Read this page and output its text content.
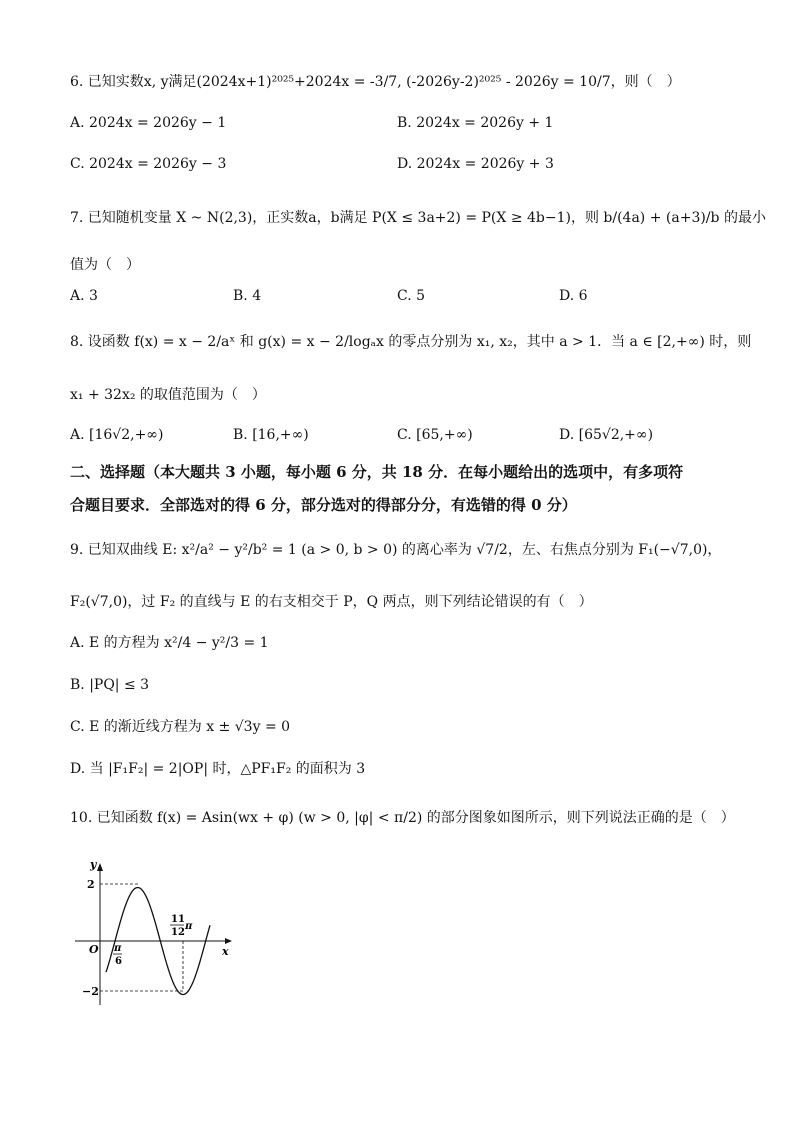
6. 已知实数x, y满足(2024x+1)²⁰²⁵+2024x = -3/7, (-2026y-2)²⁰²⁵ - 2026y = 10/7，则（　）
A. 2024x = 2026y − 1	B. 2024x = 2026y + 1
C. 2024x = 2026y − 3	D. 2024x = 2026y + 3
7. 已知随机变量 X ~ N(2,3)，正实数a，b满足 P(X ≤ 3a+2) = P(X ≥ 4b−1)，则 b/(4a) + (a+3)/b 的最小
值为（　）
A. 3	B. 4	C. 5	D. 6
8. 设函数 f(x) = x − 2/aˣ 和 g(x) = x − 2/logₐx 的零点分别为 x₁, x₂，其中 a > 1．当 a ∈ [2,+∞) 时，则
x₁ + 32x₂ 的取值范围为（　）
A. [16√2,+∞)	B. [16,+∞)	C. [65,+∞)	D. [65√2,+∞)
二、选择题（本大题共 3 小题，每小题 6 分，共 18 分．在每小题给出的选项中，有多项符
合题目要求．全部选对的得 6 分，部分选对的得部分分，有选错的得 0 分）
9. 已知双曲线 E: x²/a² − y²/b² = 1 (a > 0, b > 0) 的离心率为 √7/2，左、右焦点分别为 F₁(−√7,0)，
F₂(√7,0)，过 F₂ 的直线与 E 的右支相交于 P，Q 两点，则下列结论错误的有（　）
A. E 的方程为 x²/4 − y²/3 = 1
B. |PQ| ≤ 3
C. E 的渐近线方程为 x ± √3y = 0
D. 当 |F₁F₂| = 2|OP| 时，△PF₁F₂ 的面积为 3
10. 已知函数 f(x) = Asin(wx + φ) (w > 0, |φ| < π/2) 的部分图象如图所示，则下列说法正确的是（　）
y
x
O
2
−2
π
6
11
12
π
